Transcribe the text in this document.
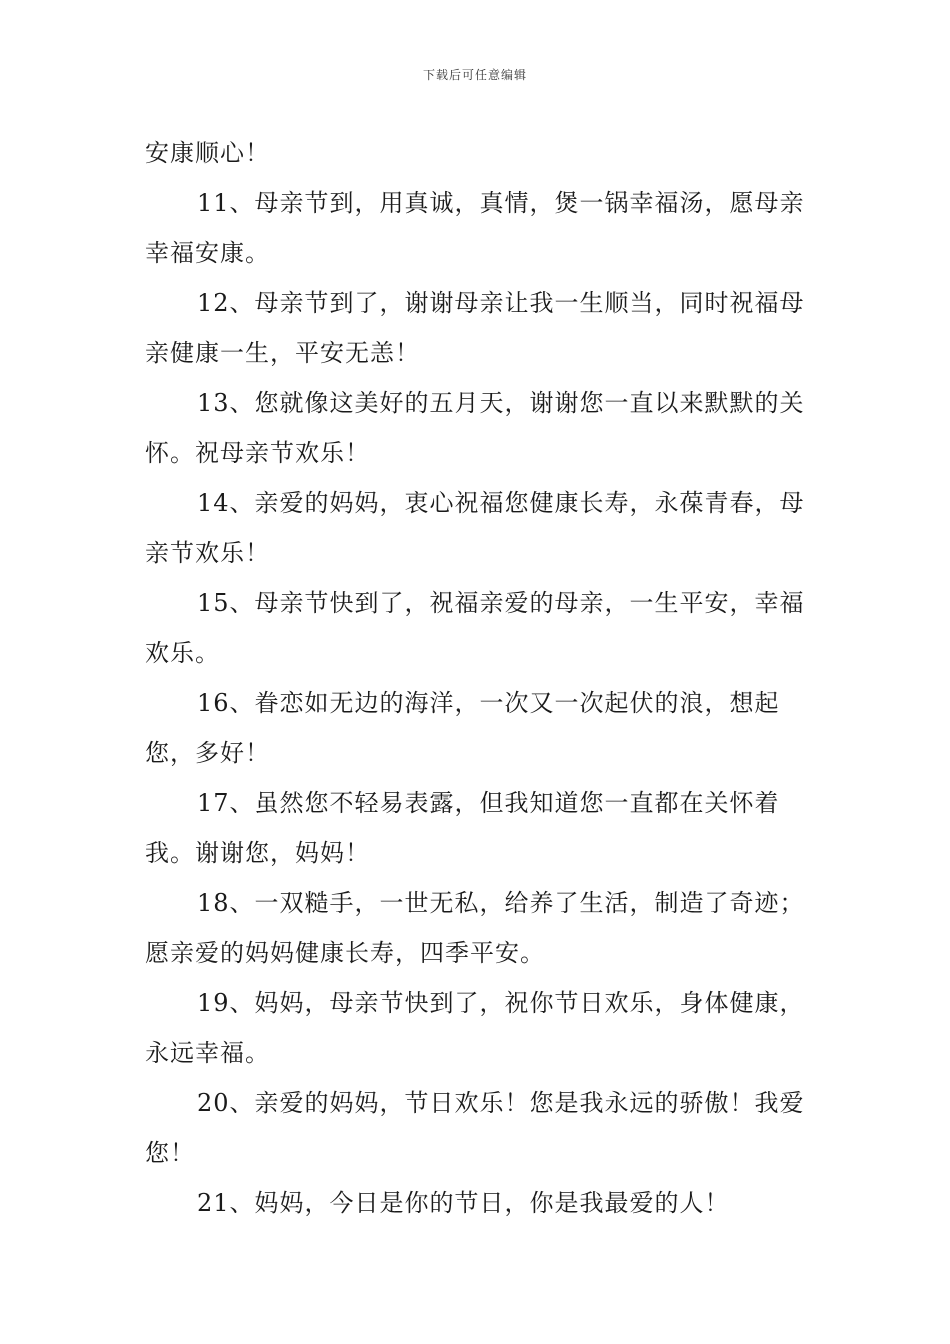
下载后可任意编辑

安康顺心！

11、母亲节到，用真诚，真情，煲一锅幸福汤，愿母亲幸福安康。

12、母亲节到了，谢谢母亲让我一生顺当，同时祝福母亲健康一生，平安无恙！

13、您就像这美好的五月天，谢谢您一直以来默默的关怀。祝母亲节欢乐！

14、亲爱的妈妈，衷心祝福您健康长寿，永葆青春，母亲节欢乐！

15、母亲节快到了，祝福亲爱的母亲，一生平安，幸福欢乐。

16、眷恋如无边的海洋，一次又一次起伏的浪，想起您，多好！

17、虽然您不轻易表露，但我知道您一直都在关怀着我。谢谢您，妈妈！

18、一双糙手，一世无私，给养了生活，制造了奇迹；愿亲爱的妈妈健康长寿，四季平安。

19、妈妈，母亲节快到了，祝你节日欢乐，身体健康，永远幸福。

20、亲爱的妈妈，节日欢乐！您是我永远的骄傲！我爱您！

21、妈妈，今日是你的节日，你是我最爱的人！
